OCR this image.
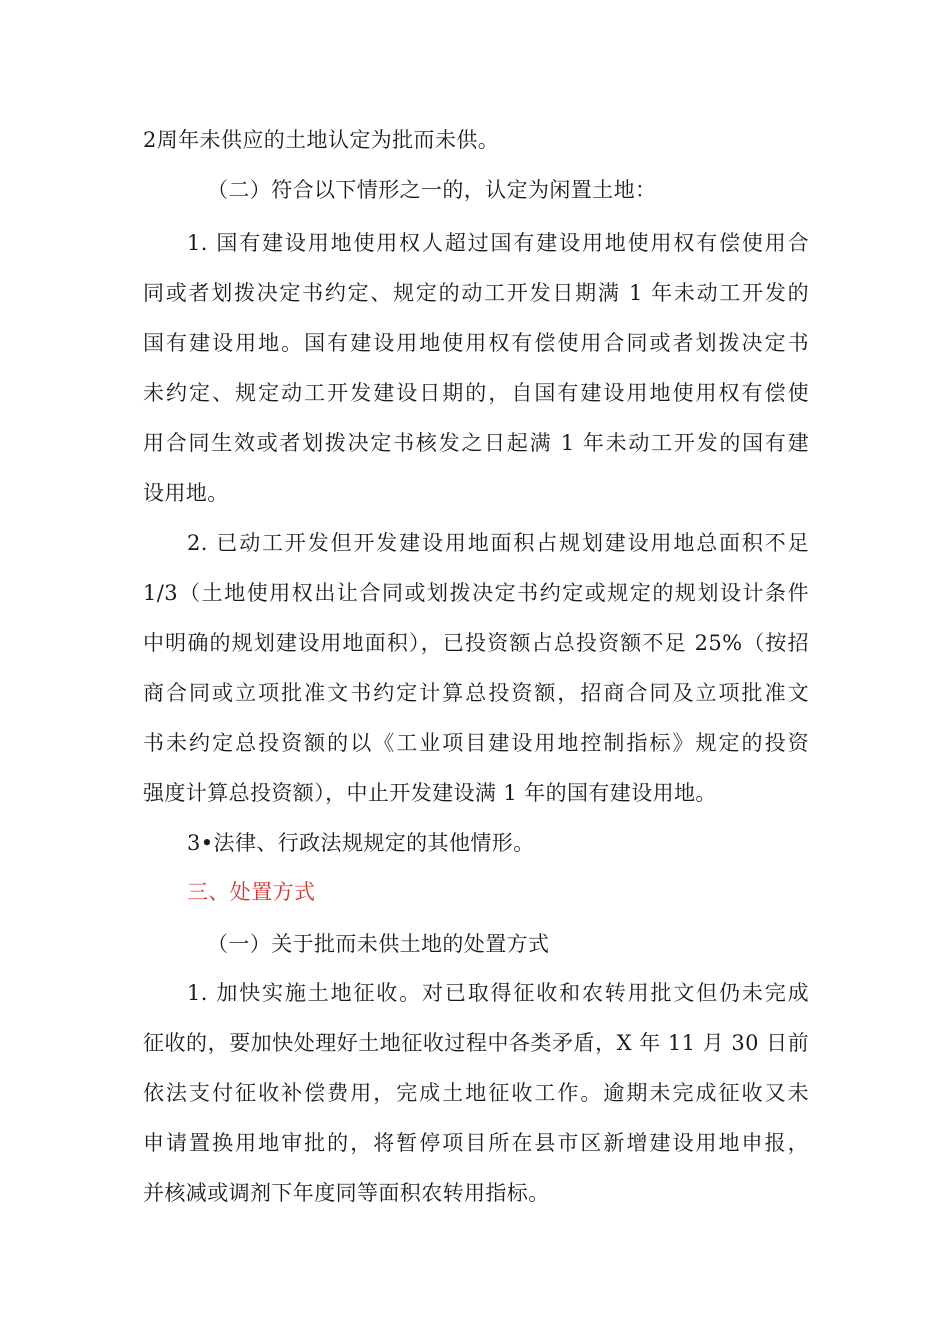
2周年未供应的土地认定为批而未供。
（二）符合以下情形之一的，认定为闲置土地：
1. 国有建设用地使用权人超过国有建设用地使用权有偿使用合
同或者划拨决定书约定、规定的动工开发日期满 1 年未动工开发的
国有建设用地。国有建设用地使用权有偿使用合同或者划拨决定书
未约定、规定动工开发建设日期的，自国有建设用地使用权有偿使
用合同生效或者划拨决定书核发之日起满 1 年未动工开发的国有建
设用地。
2. 已动工开发但开发建设用地面积占规划建设用地总面积不足
1/3（土地使用权出让合同或划拨决定书约定或规定的规划设计条件
中明确的规划建设用地面积），已投资额占总投资额不足 25%（按招
商合同或立项批准文书约定计算总投资额，招商合同及立项批准文
书未约定总投资额的以《工业项目建设用地控制指标》规定的投资
强度计算总投资额），中止开发建设满 1 年的国有建设用地。
3•法律、行政法规规定的其他情形。
三、处置方式
（一）关于批而未供土地的处置方式
1. 加快实施土地征收。对已取得征收和农转用批文但仍未完成
征收的，要加快处理好土地征收过程中各类矛盾，X 年 11 月 30 日前
依法支付征收补偿费用，完成土地征收工作。逾期未完成征收又未
申请置换用地审批的，将暂停项目所在县市区新增建设用地申报，
并核减或调剂下年度同等面积农转用指标。
